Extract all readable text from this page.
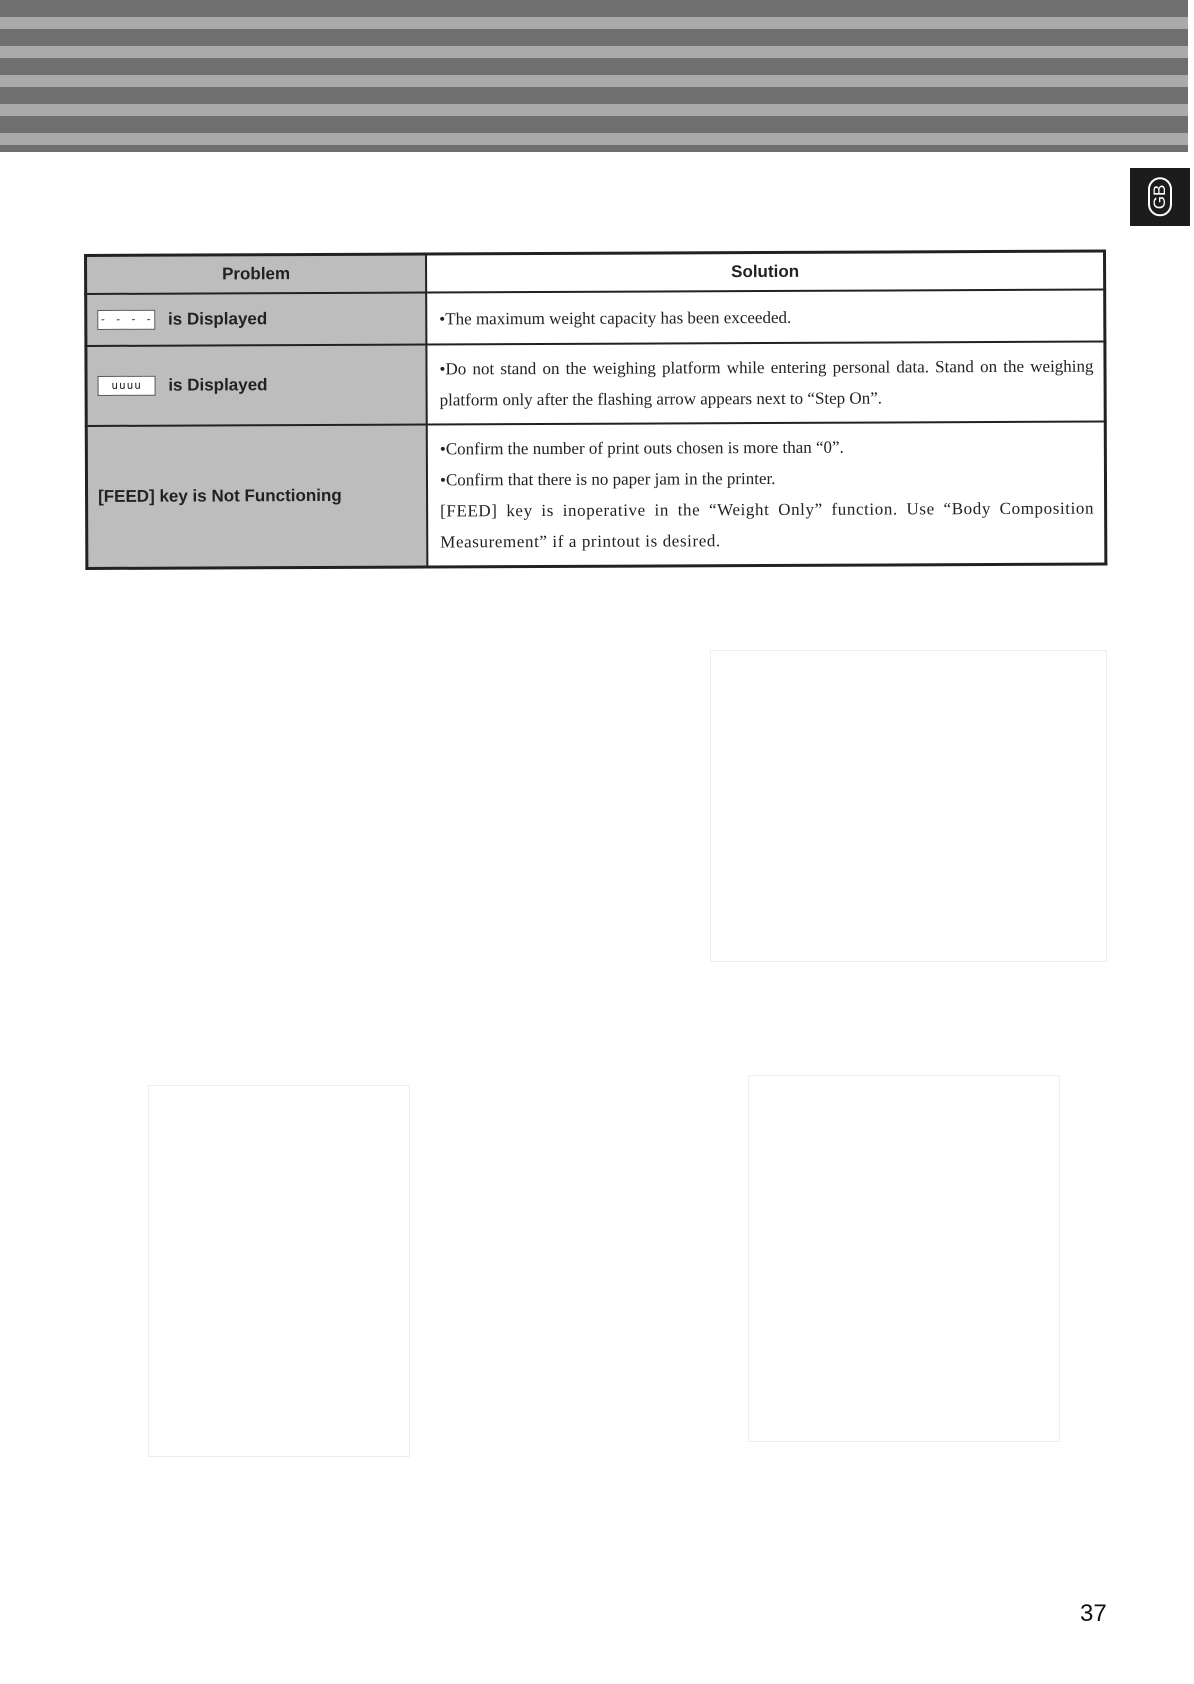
GB
Problem	Solution
- - - - is Displayed	•The maximum weight capacity has been exceeded.

uuuu is Displayed	•Do not stand on the weighing platform while entering personal data. Stand on the weighing platform only after the flashing arrow appears next to “Step On”.

[FEED] key is Not Functioning	•Confirm the number of print outs chosen is more than “0”.
•Confirm that there is no paper jam in the printer.
[FEED] key is inoperative in the “Weight Only” function. Use “Body Composition Measurement” if a printout is desired.
37
